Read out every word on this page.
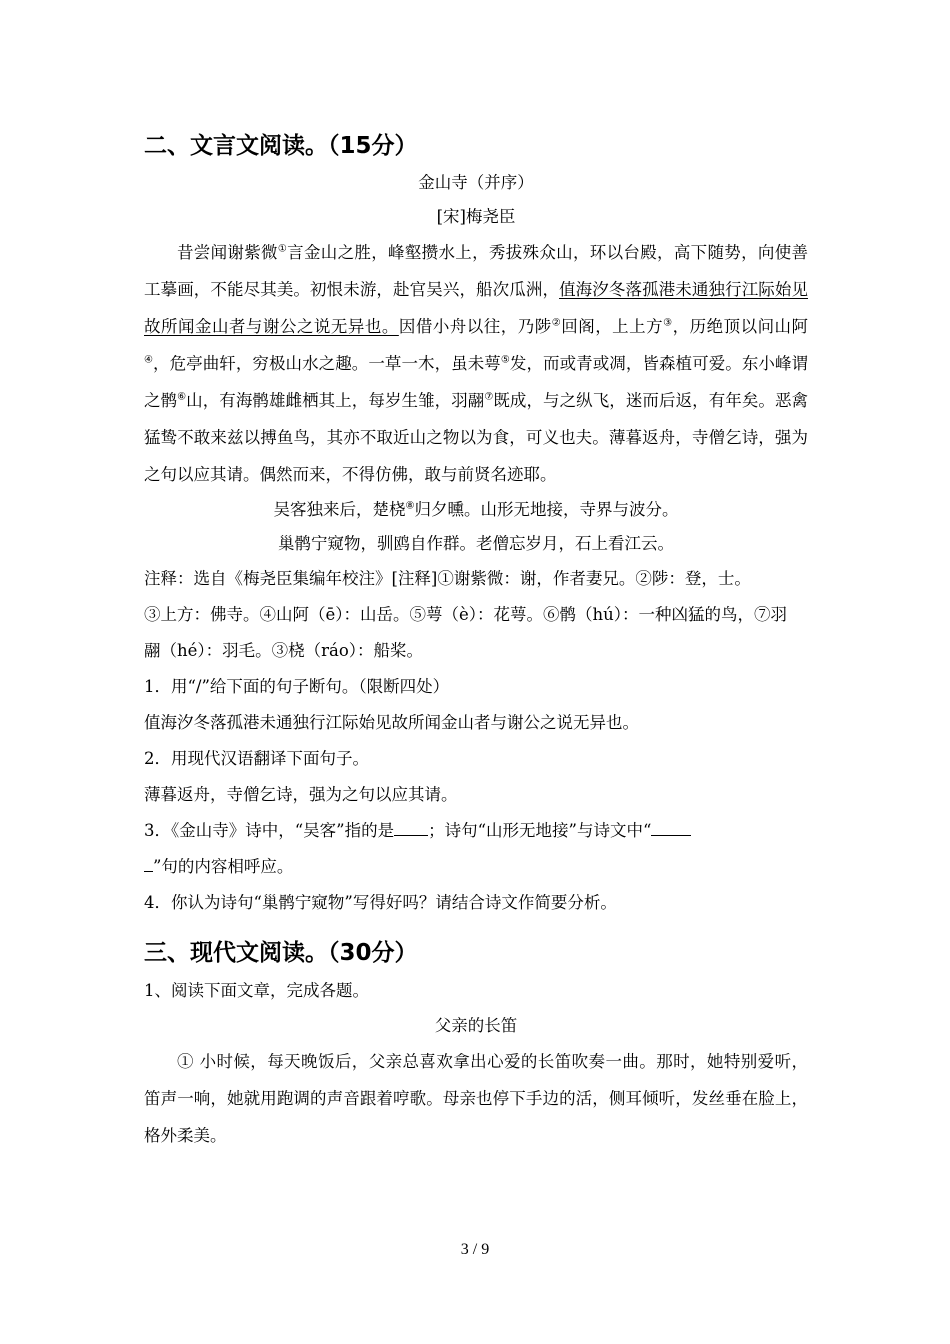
二、文言文阅读。（15分）

金山寺（并序）
[宋]梅尧臣

昔尝闻谢紫微①言金山之胜，峰壑攒水上，秀拔殊众山，环以台殿，高下随势，向使善工摹画，不能尽其美。初恨未游，赴官吴兴，船次瓜洲，值海汐冬落孤港未通独行江际始见故所闻金山者与谢公之说无异也。因借小舟以往，乃陟②回阁，上上方③，历绝顶以问山阿④，危亭曲轩，穷极山水之趣。一草一木，虽未萼⑤发，而或青或凋，皆森植可爱。东小峰谓之鹘⑥山，有海鹘雄雌栖其上，每岁生雏，羽翮⑦既成，与之纵飞，迷而后返，有年矣。恶禽猛鸷不敢来兹以搏鱼鸟，其亦不取近山之物以为食，可义也夫。薄暮返舟，寺僧乞诗，强为之句以应其请。偶然而来，不得仿佛，敢与前贤名迹耶。

吴客独来后，楚桡⑧归夕曛。山形无地接，寺界与波分。

巢鹘宁窥物，驯鸥自作群。老僧忘岁月，石上看江云。

注释：选自《梅尧臣集编年校注》[注释]①谢紫微：谢，作者妻兄。②陟：登，士。

③上方：佛寺。④山阿（ē）：山岳。⑤萼（è）：花萼。⑥鹘（hú）：一种凶猛的鸟，⑦羽

翮（hé）：羽毛。③桡（ráo）：船桨。

1．用“/”给下面的句子断句。（限断四处）

值海汐冬落孤港未通独行江际始见故所闻金山者与谢公之说无异也。

2．用现代汉语翻译下面句子。

薄暮返舟，寺僧乞诗，强为之句以应其请。

3．《金山寺》诗中，“吴客”指的是 ；诗句“山形无地接”与诗文中“
”句的内容相呼应。

4．你认为诗句“巢鹘宁窥物”写得好吗？请结合诗文作简要分析。

三、现代文阅读。（30分）

1、阅读下面文章，完成各题。

父亲的长笛

① 小时候，每天晚饭后，父亲总喜欢拿出心爱的长笛吹奏一曲。那时，她特别爱听，笛声一响，她就用跑调的声音跟着哼歌。母亲也停下手边的活，侧耳倾听，发丝垂在脸上，格外柔美。

3 / 9
